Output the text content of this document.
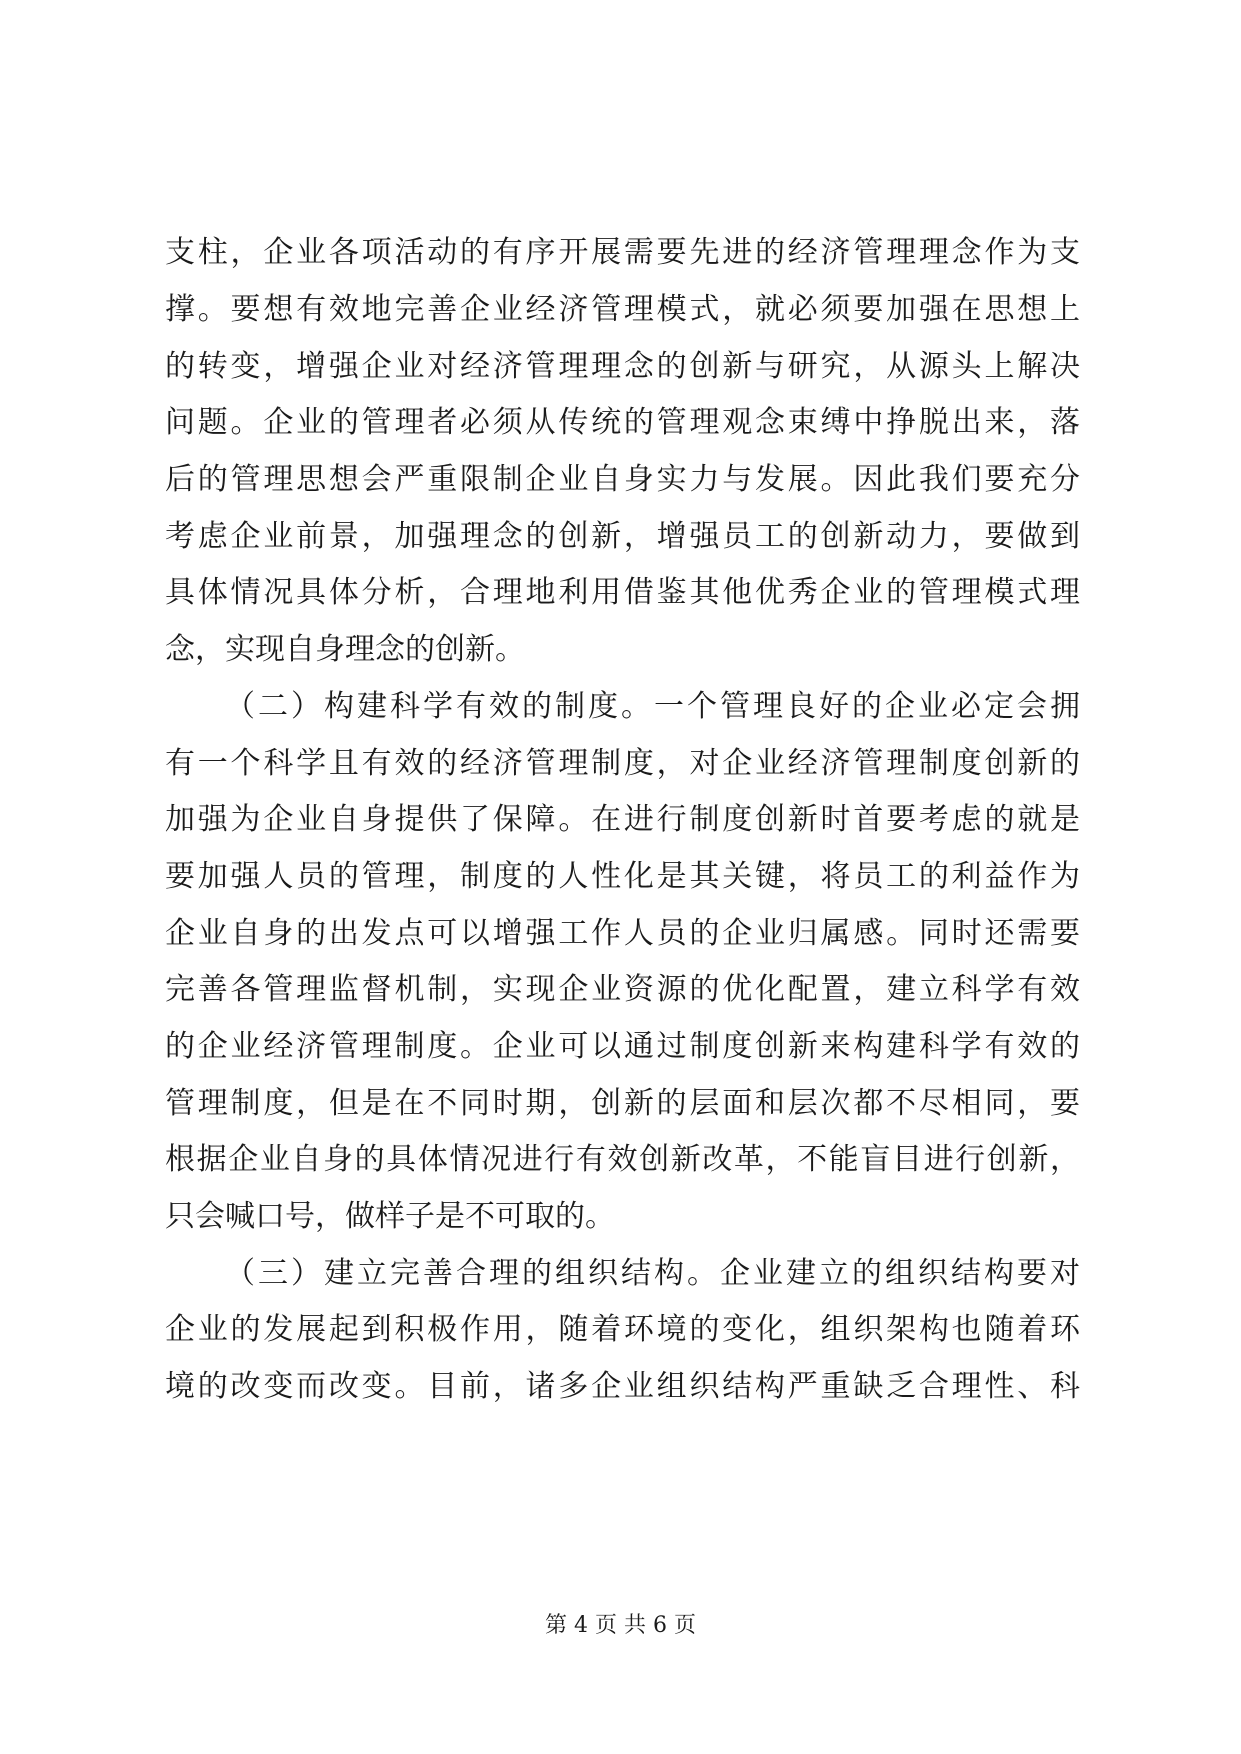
支柱，企业各项活动的有序开展需要先进的经济管理理念作为支
撑。要想有效地完善企业经济管理模式，就必须要加强在思想上
的转变，增强企业对经济管理理念的创新与研究，从源头上解决
问题。企业的管理者必须从传统的管理观念束缚中挣脱出来，落
后的管理思想会严重限制企业自身实力与发展。因此我们要充分
考虑企业前景，加强理念的创新，增强员工的创新动力，要做到
具体情况具体分析，合理地利用借鉴其他优秀企业的管理模式理
念，实现自身理念的创新。
（二）构建科学有效的制度。一个管理良好的企业必定会拥
有一个科学且有效的经济管理制度，对企业经济管理制度创新的
加强为企业自身提供了保障。在进行制度创新时首要考虑的就是
要加强人员的管理，制度的人性化是其关键，将员工的利益作为
企业自身的出发点可以增强工作人员的企业归属感。同时还需要
完善各管理监督机制，实现企业资源的优化配置，建立科学有效
的企业经济管理制度。企业可以通过制度创新来构建科学有效的
管理制度，但是在不同时期，创新的层面和层次都不尽相同，要
根据企业自身的具体情况进行有效创新改革，不能盲目进行创新，
只会喊口号，做样子是不可取的。
（三）建立完善合理的组织结构。企业建立的组织结构要对
企业的发展起到积极作用，随着环境的变化，组织架构也随着环
境的改变而改变。目前，诸多企业组织结构严重缺乏合理性、科
第 4 页 共 6 页
